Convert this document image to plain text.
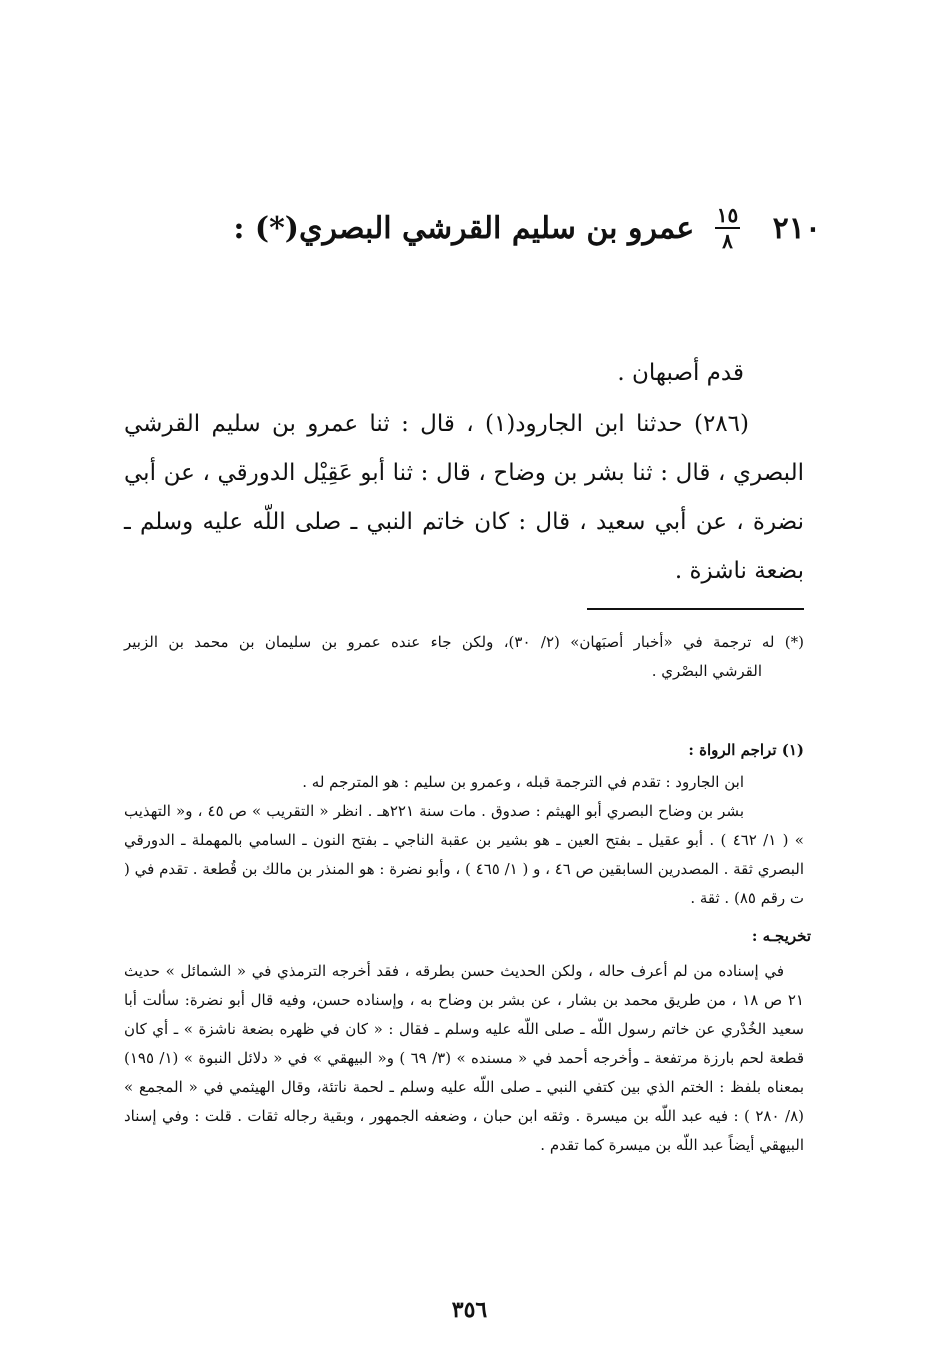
٢١٠
$\frac{١٥}{٨}$
عمرو بن سليم القرشي البصري(*) :
قدم أصبهان .
(٢٨٦) حدثنا ابن الجارود(١) ، قال : ثنا عمرو بن سليم القرشي البصري ، قال : ثنا بشر بن وضاح ، قال : ثنا أبو عَقِيْل الدورقي ، عن أبي نضرة ، عن أبي سعيد ، قال : كان خاتم النبي ـ صلى اللّه عليه وسلم ـ بضعة ناشزة .
(*) له ترجمة في «أخبار أصبَهان» (٢/ ٣٠)، ولكن جاء عنده عمرو بن سليمان بن محمد بن الزبير القرشي البصْري .
(١) تراجم الرواة :
ابن الجارود : تقدم في الترجمة قبله ، وعمرو بن سليم : هو المترجم له .
بشر بن وضاح البصري أبو الهيثم : صدوق . مات سنة ٢٢١هـ . انظر « التقريب » ص ٤٥ ، و« التهذيب » ( ١/ ٤٦٢ ) . أبو عقيل ـ بفتح العين ـ هو بشير بن عقبة الناجي ـ بفتح النون ـ السامي بالمهملة ـ الدورقي البصري ثقة . المصدرين السابقين ص ٤٦ ، و ( ١/ ٤٦٥ ) ، وأبو نضرة : هو المنذر بن مالك بن قُطعة . تقدم في ( ت رقم ٨٥) . ثقة .
تخريجـه :
في إسناده من لم أعرف حاله ، ولكن الحديث حسن بطرقه ، فقد أخرجه الترمذي في « الشمائل » حديث ٢١ ص ١٨ ، من طريق محمد بن بشار ، عن بشر بن وضاح به ، وإسناده حسن، وفيه قال أبو نضرة: سألت أبا سعيد الخُدْري عن خاتم رسول اللّه ـ صلى اللّه عليه وسلم ـ فقال : « كان في ظهره بضعة ناشزة » ـ أي كان قطعة لحم بارزة مرتفعة ـ وأخرجه أحمد في « مسنده » (٣/ ٦٩ ) و« البيهقي » في « دلائل النبوة » (١/ ١٩٥) بمعناه بلفظ : الختم الذي بين كتفي النبي ـ صلى اللّه عليه وسلم ـ لحمة ناتئة، وقال الهيثمي في « المجمع » (٨/ ٢٨٠ ) : فيه عبد اللّه بن ميسرة . وثقه ابن حبان ، وضعفه الجمهور ، وبقية رجاله ثقات . قلت : وفي إسناد البيهقي أيضاً عبد اللّه بن ميسرة كما تقدم .
٣٥٦
